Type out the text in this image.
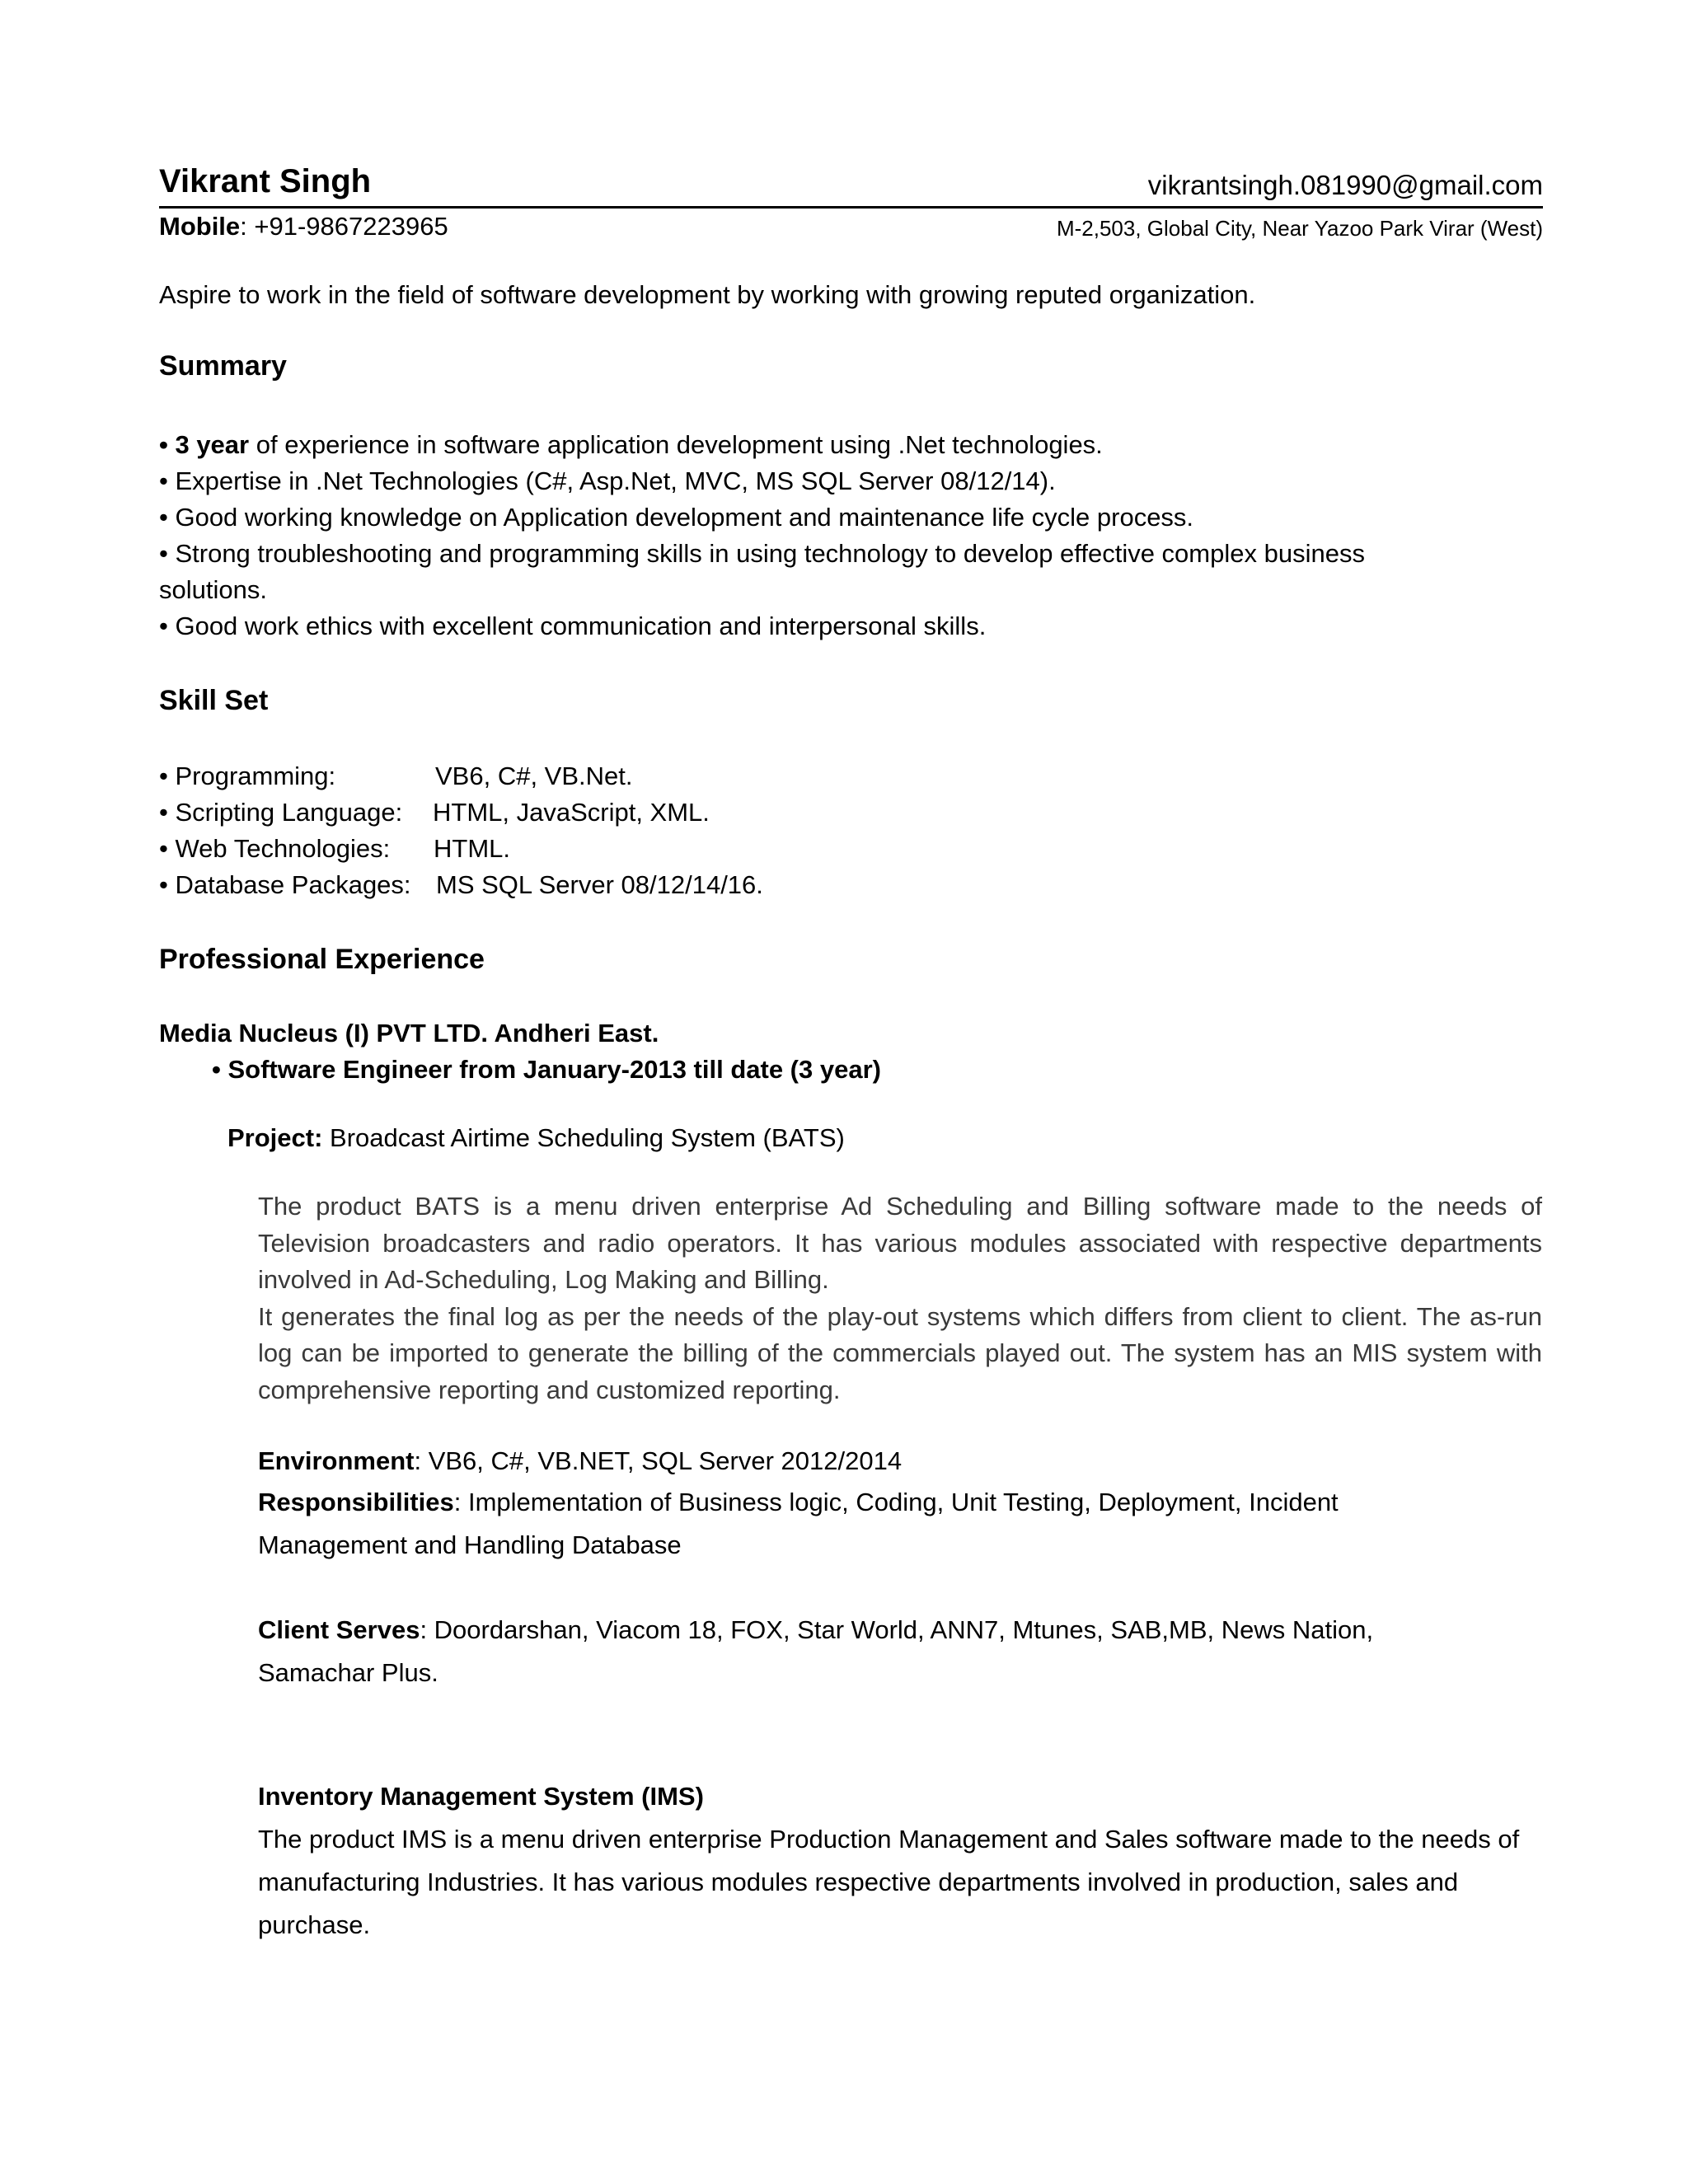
Vikrant Singh	vikrantsingh.081990@gmail.com
Mobile: +91-9867223965	M-2,503, Global City, Near Yazoo Park Virar (West)
Aspire to work in the field of software development by working with growing reputed organization.
Summary
• 3 year of experience in software application development using .Net technologies.
• Expertise in .Net Technologies (C#, Asp.Net, MVC, MS SQL Server 08/12/14).
• Good working knowledge on Application development and maintenance life cycle process.
• Strong troubleshooting and programming skills in using technology to develop effective complex business
solutions.
• Good work ethics with excellent communication and interpersonal skills.
Skill Set
• Programming:	VB6, C#, VB.Net.
• Scripting Language: HTML, JavaScript, XML.
• Web Technologies: HTML.
• Database Packages: MS SQL Server 08/12/14/16.
Professional Experience
Media Nucleus (I) PVT LTD. Andheri East.
• Software Engineer from January-2013 till date (3 year)
Project: Broadcast Airtime Scheduling System (BATS)

The product BATS is a menu driven enterprise Ad Scheduling and Billing software made to the needs of Television broadcasters and radio operators. It has various modules associated with respective departments involved in Ad-Scheduling, Log Making and Billing.

It generates the final log as per the needs of the play-out systems which differs from client to client. The as-run log can be imported to generate the billing of the commercials played out. The system has an MIS system with comprehensive reporting and customized reporting.

Environment: VB6, C#, VB.NET, SQL Server 2012/2014
Responsibilities: Implementation of Business logic, Coding, Unit Testing, Deployment, Incident
Management and Handling Database
Client Serves: Doordarshan, Viacom 18, FOX, Star World, ANN7, Mtunes, SAB,MB, News Nation,
Samachar Plus.
Inventory Management System (IMS)

The product IMS is a menu driven enterprise Production Management and Sales software made to the needs of manufacturing Industries. It has various modules respective departments involved in production, sales and purchase.
